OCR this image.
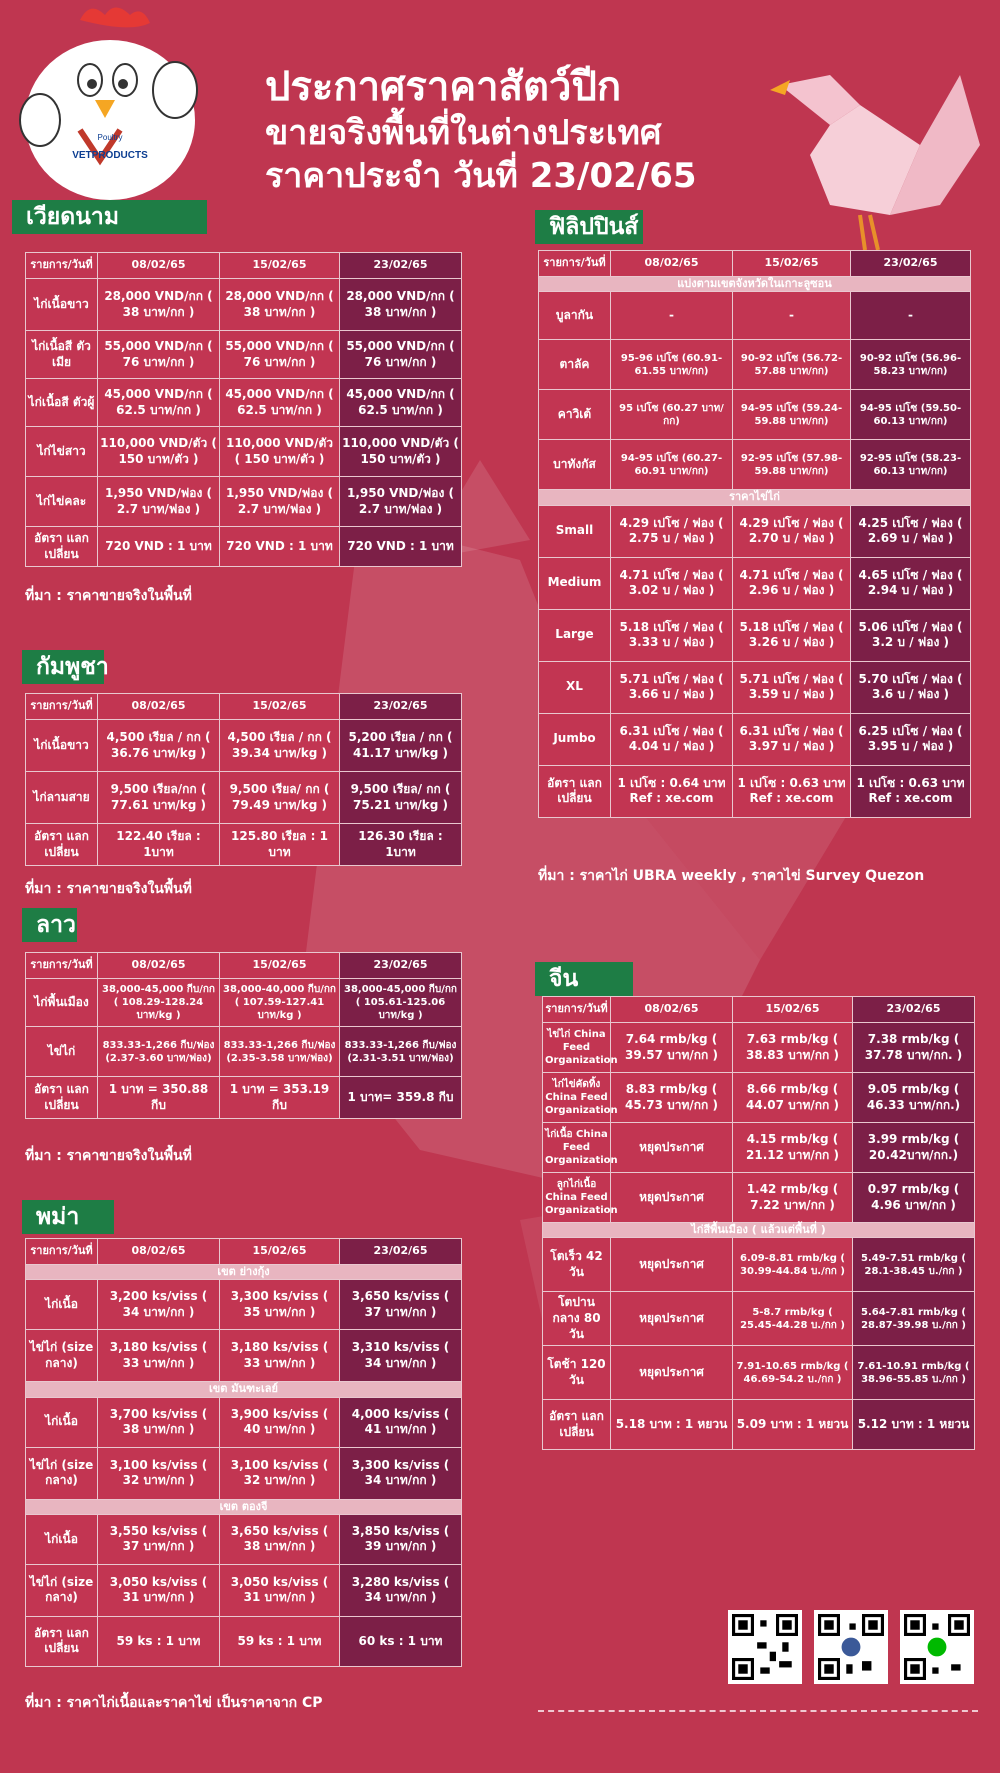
Poultry
VETPRODUCTS
ประกาศราคาสัตว์ปีก
ขายจริงพื้นที่ในต่างประเทศ
ราคาประจำ วันที่ 23/02/65
เวียดนาม
รายการ/วันที่	08/02/65	15/02/65	23/02/65
ไก่เนื้อขาว	28,000 VND/กก ( 38 บาท/กก )	28,000 VND/กก ( 38 บาท/กก )	28,000 VND/กก ( 38 บาท/กก )
ไก่เนื้อสี ตัวเมีย	55,000 VND/กก ( 76 บาท/กก )	55,000 VND/กก ( 76 บาท/กก )	55,000 VND/กก ( 76 บาท/กก )
ไก่เนื้อสี ตัวผู้	45,000 VND/กก ( 62.5 บาท/กก )	45,000 VND/กก ( 62.5 บาท/กก )	45,000 VND/กก ( 62.5 บาท/กก )
ไก่ไข่สาว	110,000 VND/ตัว ( 150 บาท/ตัว )	110,000 VND/ตัว ( 150 บาท/ตัว )	110,000 VND/ตัว ( 150 บาท/ตัว )
ไก่ไข่คละ	1,950 VND/ฟอง ( 2.7 บาท/ฟอง )	1,950 VND/ฟอง ( 2.7 บาท/ฟอง )	1,950 VND/ฟอง ( 2.7 บาท/ฟอง )
อัตรา แลกเปลี่ยน	720 VND : 1 บาท	720 VND : 1 บาท	720 VND : 1 บาท
ที่มา : ราคาขายจริงในพื้นที่
กัมพูชา
รายการ/วันที่	08/02/65	15/02/65	23/02/65
ไก่เนื้อขาว	4,500 เรียล / กก ( 36.76 บาท/kg )	4,500 เรียล / กก ( 39.34 บาท/kg )	5,200 เรียล / กก ( 41.17 บาท/kg )
ไก่ลามสาย	9,500 เรียล/กก ( 77.61 บาท/kg )	9,500 เรียล/ กก ( 79.49 บาท/kg )	9,500 เรียล/ กก ( 75.21 บาท/kg )
อัตรา แลกเปลี่ยน	122.40 เรียล : 1บาท	125.80 เรียล : 1 บาท	126.30 เรียล : 1บาท
ที่มา : ราคาขายจริงในพื้นที่
ลาว
รายการ/วันที่	08/02/65	15/02/65	23/02/65
ไก่พื้นเมือง	38,000-45,000 กีบ/กก ( 108.29-128.24 บาท/kg )	38,000-40,000 กีบ/กก ( 107.59-127.41 บาท/kg )	38,000-45,000 กีบ/กก ( 105.61-125.06 บาท/kg )
ไข่ไก่	833.33-1,266 กีบ/ฟอง (2.37-3.60 บาท/ฟอง)	833.33-1,266 กีบ/ฟอง (2.35-3.58 บาท/ฟอง)	833.33-1,266 กีบ/ฟอง (2.31-3.51 บาท/ฟอง)
อัตรา แลกเปลี่ยน	1 บาท = 350.88 กีบ	1 บาท = 353.19 กีบ	1 บาท= 359.8 กีบ
ที่มา : ราคาขายจริงในพื้นที่
พม่า
รายการ/วันที่	08/02/65	15/02/65	23/02/65
เขต ย่างกุ้ง			
ไก่เนื้อ	3,200 ks/viss ( 34 บาท/กก )	3,300 ks/viss ( 35 บาท/กก )	3,650 ks/viss ( 37 บาท/กก )
ไข่ไก่ (size กลาง)	3,180 ks/viss ( 33 บาท/กก )	3,180 ks/viss ( 33 บาท/กก )	3,310 ks/viss ( 34 บาท/กก )
เขต มันฑะเลย์			
ไก่เนื้อ	3,700 ks/viss ( 38 บาท/กก )	3,900 ks/viss ( 40 บาท/กก )	4,000 ks/viss ( 41 บาท/กก )
ไข่ไก่ (size กลาง)	3,100 ks/viss ( 32 บาท/กก )	3,100 ks/viss ( 32 บาท/กก )	3,300 ks/viss ( 34 บาท/กก )
เขต ตองจี			
ไก่เนื้อ	3,550 ks/viss ( 37 บาท/กก )	3,650 ks/viss ( 38 บาท/กก )	3,850 ks/viss ( 39 บาท/กก )
ไข่ไก่ (size กลาง)	3,050 ks/viss ( 31 บาท/กก )	3,050 ks/viss ( 31 บาท/กก )	3,280 ks/viss ( 34 บาท/กก )
อัตรา แลกเปลี่ยน	59 ks : 1 บาท	59 ks : 1 บาท	60 ks : 1 บาท
ที่มา : ราคาไก่เนื้อและราคาไข่ เป็นราคาจาก CP
ฟิลิปปินส์
รายการ/วันที่	08/02/65	15/02/65	23/02/65
แบ่งตามเขตจังหวัดในเกาะลูซอน			
บูลากัน	-	-	-
ตาลัค	95-96 เปโซ (60.91-61.55 บาท/กก)	90-92 เปโซ (56.72-57.88 บาท/กก)	90-92 เปโซ (56.96-58.23 บาท/กก)
คาวิเต้	95 เปโซ (60.27 บาท/กก)	94-95 เปโซ (59.24-59.88 บาท/กก)	94-95 เปโซ (59.50-60.13 บาท/กก)
บาทังกัส	94-95 เปโซ (60.27-60.91 บาท/กก)	92-95 เปโซ (57.98-59.88 บาท/กก)	92-95 เปโซ (58.23-60.13 บาท/กก)
ราคาไข่ไก่			
Small	4.29 เปโซ / ฟอง ( 2.75 บ / ฟอง )	4.29 เปโซ / ฟอง ( 2.70 บ / ฟอง )	4.25 เปโซ / ฟอง ( 2.69 บ / ฟอง )
Medium	4.71 เปโซ / ฟอง ( 3.02 บ / ฟอง )	4.71 เปโซ / ฟอง ( 2.96 บ / ฟอง )	4.65 เปโซ / ฟอง ( 2.94 บ / ฟอง )
Large	5.18 เปโซ / ฟอง ( 3.33 บ / ฟอง )	5.18 เปโซ / ฟอง ( 3.26 บ / ฟอง )	5.06 เปโซ / ฟอง ( 3.2 บ / ฟอง )
XL	5.71 เปโซ / ฟอง ( 3.66 บ / ฟอง )	5.71 เปโซ / ฟอง ( 3.59 บ / ฟอง )	5.70 เปโซ / ฟอง ( 3.6 บ / ฟอง )
Jumbo	6.31 เปโซ / ฟอง ( 4.04 บ / ฟอง )	6.31 เปโซ / ฟอง ( 3.97 บ / ฟอง )	6.25 เปโซ / ฟอง ( 3.95 บ / ฟอง )
อัตรา แลกเปลี่ยน	1 เปโซ : 0.64 บาท Ref : xe.com	1 เปโซ : 0.63 บาท Ref : xe.com	1 เปโซ : 0.63 บาท Ref : xe.com
ที่มา : ราคาไก่ UBRA weekly , ราคาไข่ Survey Quezon
จีน
รายการ/วันที่	08/02/65	15/02/65	23/02/65
ไข่ไก่ China Feed Organization	7.64 rmb/kg ( 39.57 บาท/กก )	7.63 rmb/kg ( 38.83 บาท/กก )	7.38 rmb/kg ( 37.78 บาท/กก. )
ไก่ไข่คัดทิ้ง China Feed Organization	8.83 rmb/kg ( 45.73 บาท/กก )	8.66 rmb/kg ( 44.07 บาท/กก )	9.05 rmb/kg ( 46.33 บาท/กก.)
ไก่เนื้อ China Feed Organization	หยุดประกาศ	4.15 rmb/kg ( 21.12 บาท/กก )	3.99 rmb/kg ( 20.42บาท/กก.)
ลูกไก่เนื้อ China Feed Organization	หยุดประกาศ	1.42 rmb/kg ( 7.22 บาท/กก )	0.97 rmb/kg ( 4.96 บาท/กก )
ไก่สีพื้นเมือง ( แล้วแต่พื้นที่ )			
โตเร็ว 42 วัน	หยุดประกาศ	6.09-8.81 rmb/kg ( 30.99-44.84 บ./กก )	5.49-7.51 rmb/kg ( 28.1-38.45 บ./กก )
โตปานกลาง 80 วัน	หยุดประกาศ	5-8.7 rmb/kg ( 25.45-44.28 บ./กก )	5.64-7.81 rmb/kg ( 28.87-39.98 บ./กก )
โตช้า 120 วัน	หยุดประกาศ	7.91-10.65 rmb/kg ( 46.69-54.2 บ./กก )	7.61-10.91 rmb/kg ( 38.96-55.85 บ./กก )
อัตรา แลกเปลี่ยน	5.18 บาท : 1 หยวน	5.09 บาท : 1 หยวน	5.12 บาท : 1 หยวน
